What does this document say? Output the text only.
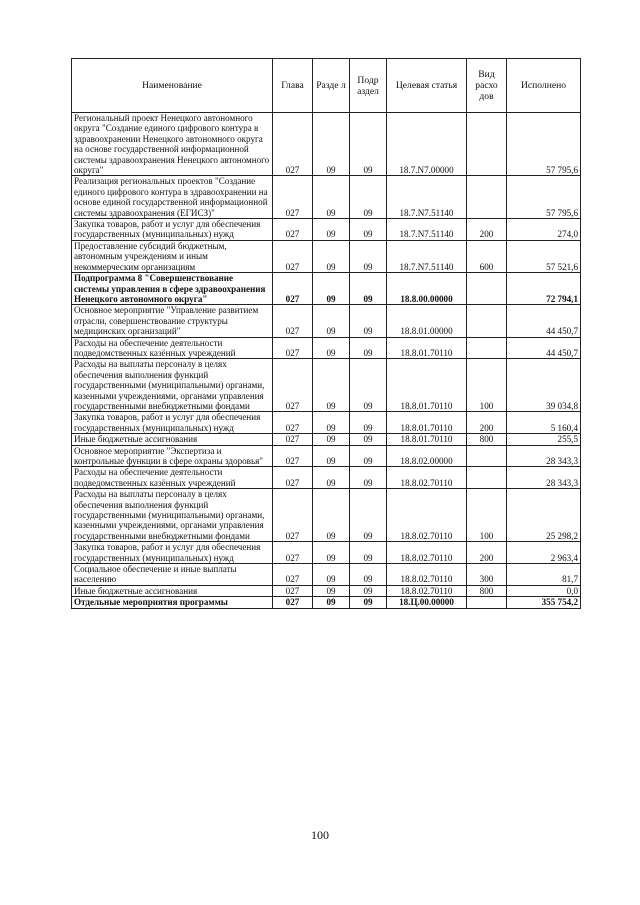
Наименование	Глава	Разде л	Подр аздел	Целевая статья	Вид расхо дов	Исполнено
Региональный проект Ненецкого автономного округа "Создание единого цифрового контура в здравоохранении Ненецкого автономного округа на основе государственной информационной системы здравоохранения Ненецкого автономного округа"	027	09	09	18.7.N7.00000		57 795,6
Реализация региональных проектов "Создание единого цифрового контура в здравоохранении на основе единой государственной информационной системы здравоохранения (ЕГИСЗ)"	027	09	09	18.7.N7.51140		57 795,6
Закупка товаров, работ и услуг для обеспечения государственных (муниципальных) нужд	027	09	09	18.7.N7.51140	200	274,0
Предоставление субсидий бюджетным, автономным учреждениям и иным некоммерческим организациям	027	09	09	18.7.N7.51140	600	57 521,6
Подпрограмма 8 "Совершенствование системы управления в сфере здравоохранения Ненецкого автономного округа"	027	09	09	18.8.00.00000		72 794,1
Основное мероприятие "Управление развитием отрасли, совершенствование структуры медицинских организаций"	027	09	09	18.8.01.00000		44 450,7
Расходы на обеспечение деятельности подведомственных казённых учреждений	027	09	09	18.8.01.70110		44 450,7
Расходы на выплаты персоналу в целях обеспечения выполнения функций государственными (муниципальными) органами, казенными учреждениями, органами управления государственными внебюджетными фондами	027	09	09	18.8.01.70110	100	39 034,8
Закупка товаров, работ и услуг для обеспечения государственных (муниципальных) нужд	027	09	09	18.8.01.70110	200	5 160,4
Иные бюджетные ассигнования	027	09	09	18.8.01.70110	800	255,5
Основное мероприятие "Экспертиза и контрольные функции в сфере охраны здоровья"	027	09	09	18.8.02.00000		28 343,3
Расходы на обеспечение деятельности подведомственных казённых учреждений	027	09	09	18.8.02.70110		28 343,3
Расходы на выплаты персоналу в целях обеспечения выполнения функций государственными (муниципальными) органами, казенными учреждениями, органами управления государственными внебюджетными фондами	027	09	09	18.8.02.70110	100	25 298,2
Закупка товаров, работ и услуг для обеспечения государственных (муниципальных) нужд	027	09	09	18.8.02.70110	200	2 963,4
Социальное обеспечение и иные выплаты населению	027	09	09	18.8.02.70110	300	81,7
Иные бюджетные ассигнования	027	09	09	18.8.02.70110	800	0,0
Отдельные мероприятия программы	027	09	09	18.Ц.00.00000		355 754,2
100
